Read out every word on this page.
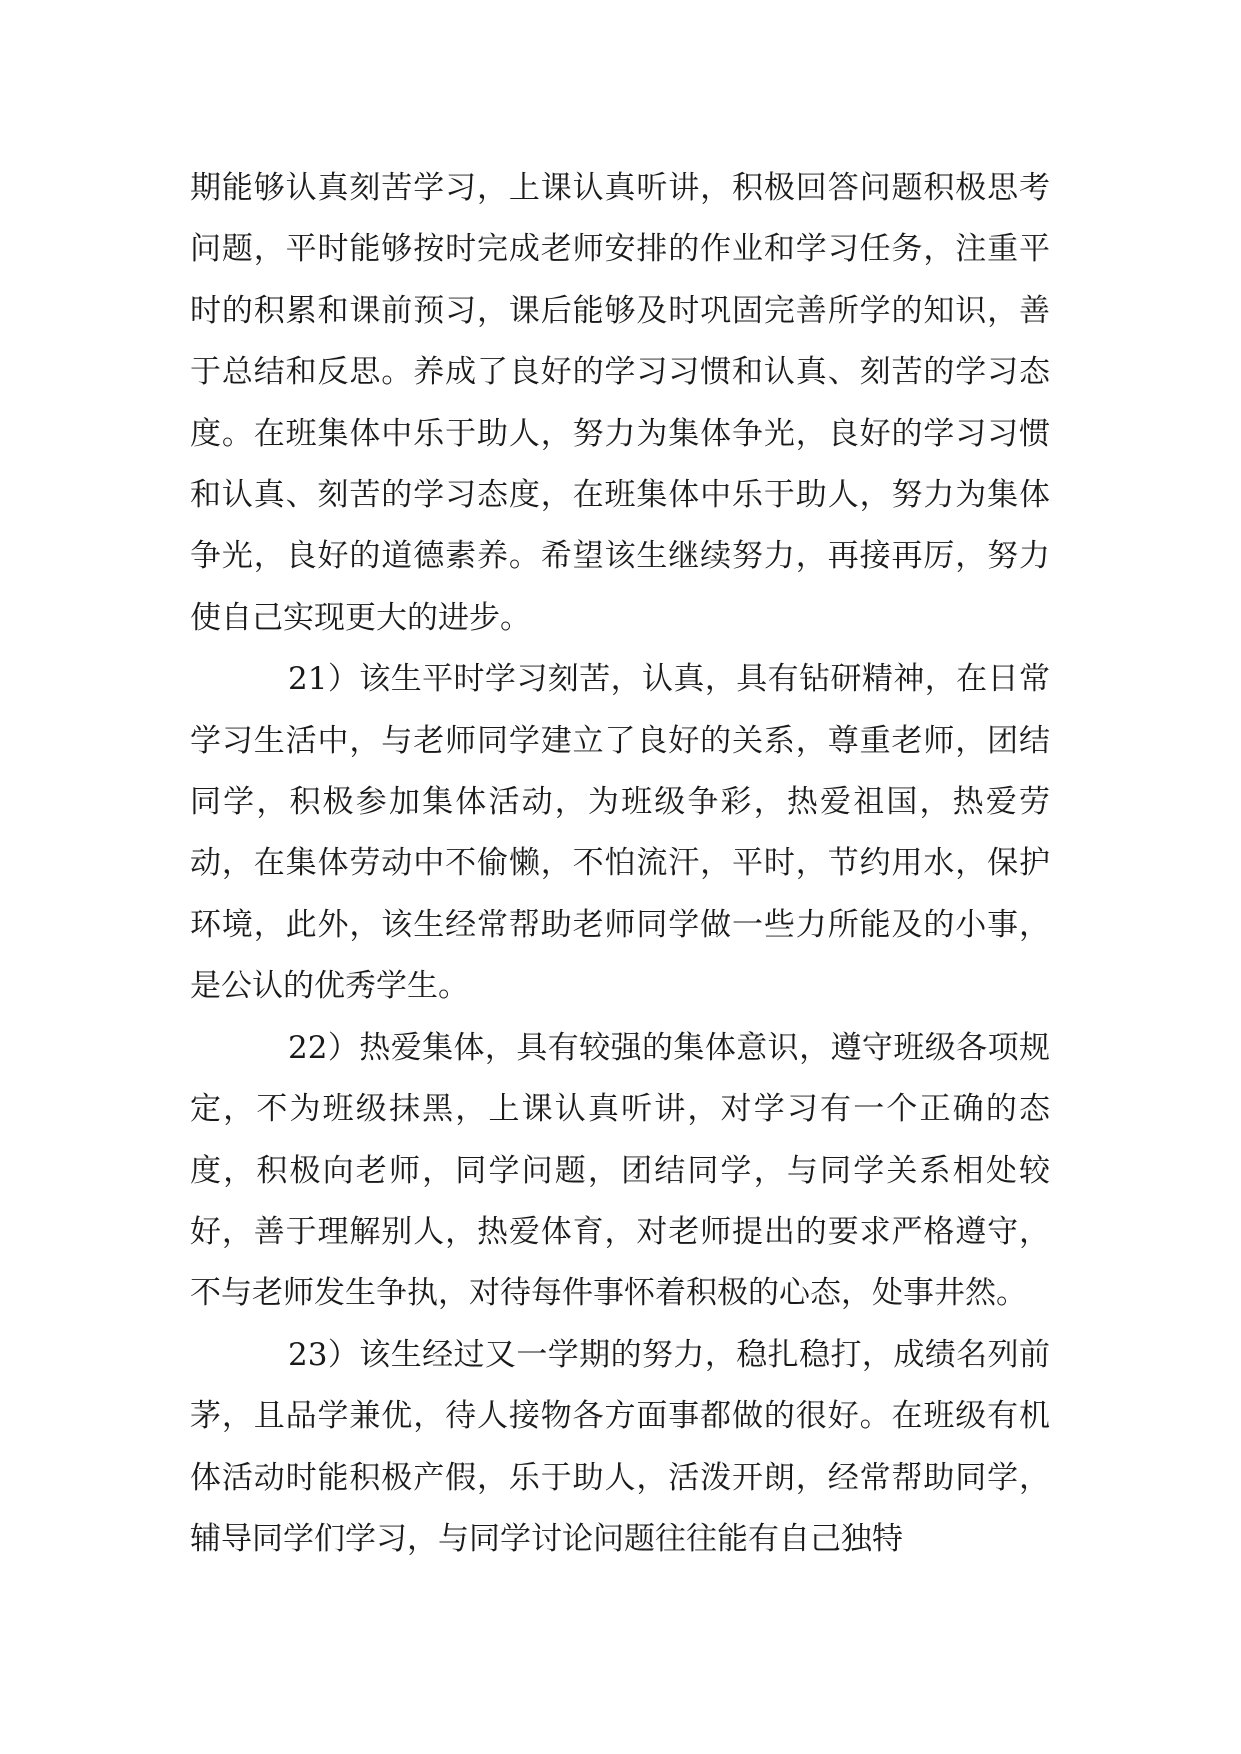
期能够认真刻苦学习，上课认真听讲，积极回答问题积极思考问题，平时能够按时完成老师安排的作业和学习任务，注重平时的积累和课前预习，课后能够及时巩固完善所学的知识，善于总结和反思。养成了良好的学习习惯和认真、刻苦的学习态度。在班集体中乐于助人，努力为集体争光，良好的学习习惯和认真、刻苦的学习态度，在班集体中乐于助人，努力为集体争光，良好的道德素养。希望该生继续努力，再接再厉，努力使自己实现更大的进步。

21）该生平时学习刻苦，认真，具有钻研精神，在日常学习生活中，与老师同学建立了良好的关系，尊重老师，团结同学，积极参加集体活动，为班级争彩，热爱祖国，热爱劳动，在集体劳动中不偷懒，不怕流汗，平时，节约用水，保护环境，此外，该生经常帮助老师同学做一些力所能及的小事，是公认的优秀学生。

22）热爱集体，具有较强的集体意识，遵守班级各项规定，不为班级抹黑，上课认真听讲，对学习有一个正确的态度，积极向老师，同学问题，团结同学，与同学关系相处较好，善于理解别人，热爱体育，对老师提出的要求严格遵守，不与老师发生争执，对待每件事怀着积极的心态，处事井然。

23）该生经过又一学期的努力，稳扎稳打，成绩名列前茅，且品学兼优，待人接物各方面事都做的很好。在班级有机体活动时能积极产假，乐于助人，活泼开朗，经常帮助同学，辅导同学们学习，与同学讨论问题往往能有自己独特
